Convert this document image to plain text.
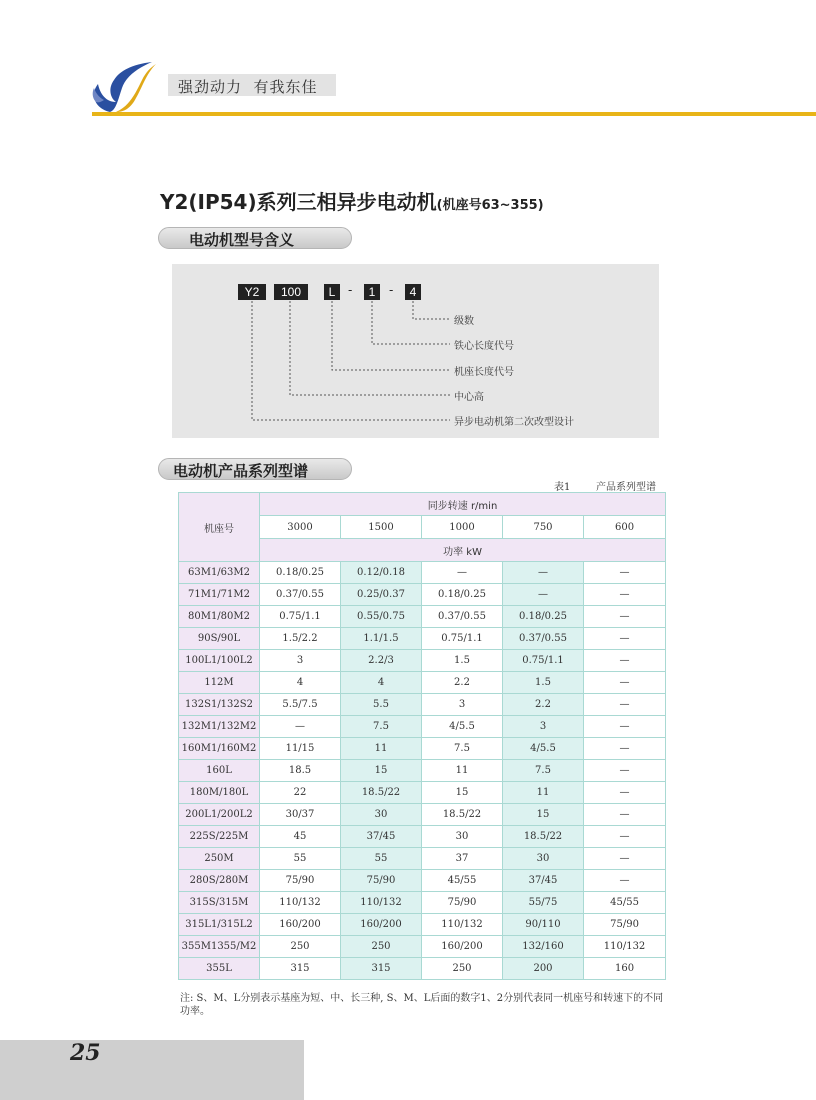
强劲动力  有我东佳
Y2(IP54)系列三相异步电动机(机座号63~355)
电动机型号含义
Y2	100	L	-	1	-	4
级数
铁心长度代号
机座长度代号
中心高
异步电动机第二次改型设计
电动机产品系列型谱
表1	产品系列型谱
机座号	同步转速 r/min				
	3000	1500	1000	750	600
	功率 kW				
63M1/63M2	0.18/0.25	0.12/0.18	—	—	—
71M1/71M2	0.37/0.55	0.25/0.37	0.18/0.25	—	—
80M1/80M2	0.75/1.1	0.55/0.75	0.37/0.55	0.18/0.25	—
90S/90L	1.5/2.2	1.1/1.5	0.75/1.1	0.37/0.55	—
100L1/100L2	3	2.2/3	1.5	0.75/1.1	—
112M	4	4	2.2	1.5	—
132S1/132S2	5.5/7.5	5.5	3	2.2	—
132M1/132M2	—	7.5	4/5.5	3	—
160M1/160M2	11/15	11	7.5	4/5.5	—
160L	18.5	15	11	7.5	—
180M/180L	22	18.5/22	15	11	—
200L1/200L2	30/37	30	18.5/22	15	—
225S/225M	45	37/45	30	18.5/22	—
250M	55	55	37	30	—
280S/280M	75/90	75/90	45/55	37/45	—
315S/315M	110/132	110/132	75/90	55/75	45/55
315L1/315L2	160/200	160/200	110/132	90/110	75/90
355M1355/M2	250	250	160/200	132/160	110/132
355L	315	315	250	200	160
注: S、M、L分别表示基座为短、中、长三种, S、M、L后面的数字1、2分别代表同一机座号和转速下的不同功率。
25
